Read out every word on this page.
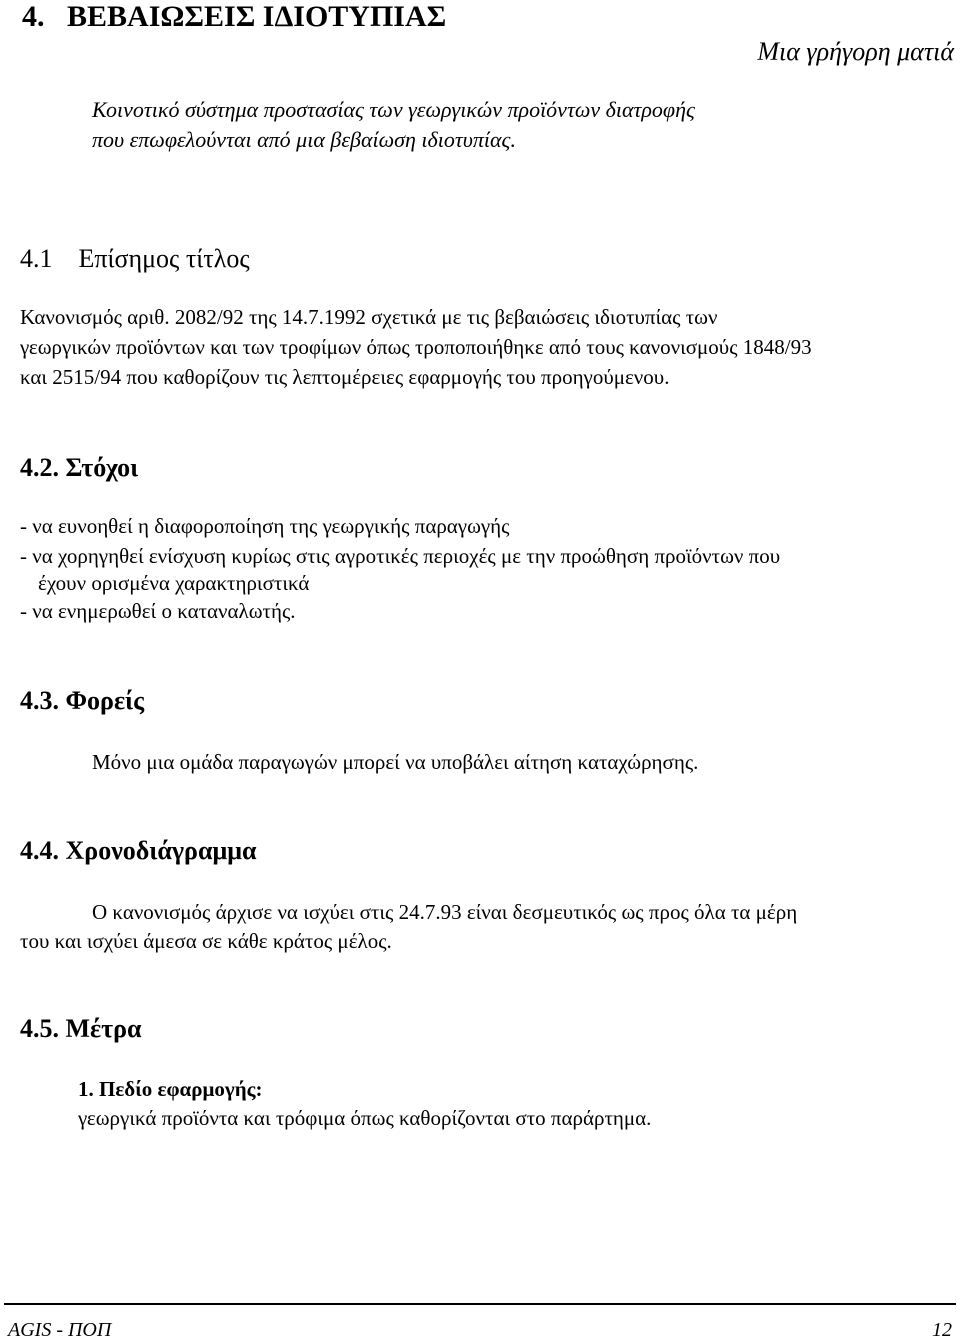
4.   ΒΕΒΑΙΩΣΕΙΣ ΙΔΙΟΤΥΠΙΑΣ
Μια γρήγορη ματιά
Κοινοτικό σύστημα προστασίας των γεωργικών προϊόντων διατροφής
που επωφελούνται από μια βεβαίωση ιδιοτυπίας.
4.1    Επίσημος τίτλος
Κανονισμός αριθ. 2082/92 της 14.7.1992 σχετικά με τις βεβαιώσεις ιδιοτυπίας των
γεωργικών προϊόντων και των τροφίμων όπως τροποποιήθηκε από τους κανονισμούς 1848/93
και 2515/94 που καθορίζουν τις λεπτομέρειες εφαρμογής του προηγούμενου.
4.2. Στόχοι
- να ευνοηθεί η διαφοροποίηση της γεωργικής παραγωγής
- να χορηγηθεί ενίσχυση κυρίως στις αγροτικές περιοχές με την προώθηση προϊόντων που
έχουν ορισμένα χαρακτηριστικά
- να ενημερωθεί ο καταναλωτής.
4.3. Φορείς
Μόνο μια ομάδα παραγωγών μπορεί να υποβάλει αίτηση καταχώρησης.
4.4. Χρονοδιάγραμμα
Ο κανονισμός άρχισε να ισχύει στις 24.7.93 είναι δεσμευτικός ως προς όλα τα μέρη
του και ισχύει άμεσα σε κάθε κράτος μέλος.
4.5. Μέτρα
1. Πεδίο εφαρμογής:
γεωργικά προϊόντα και τρόφιμα όπως καθορίζονται στο παράρτημα.
AGIS - ΠΟΠ	12
